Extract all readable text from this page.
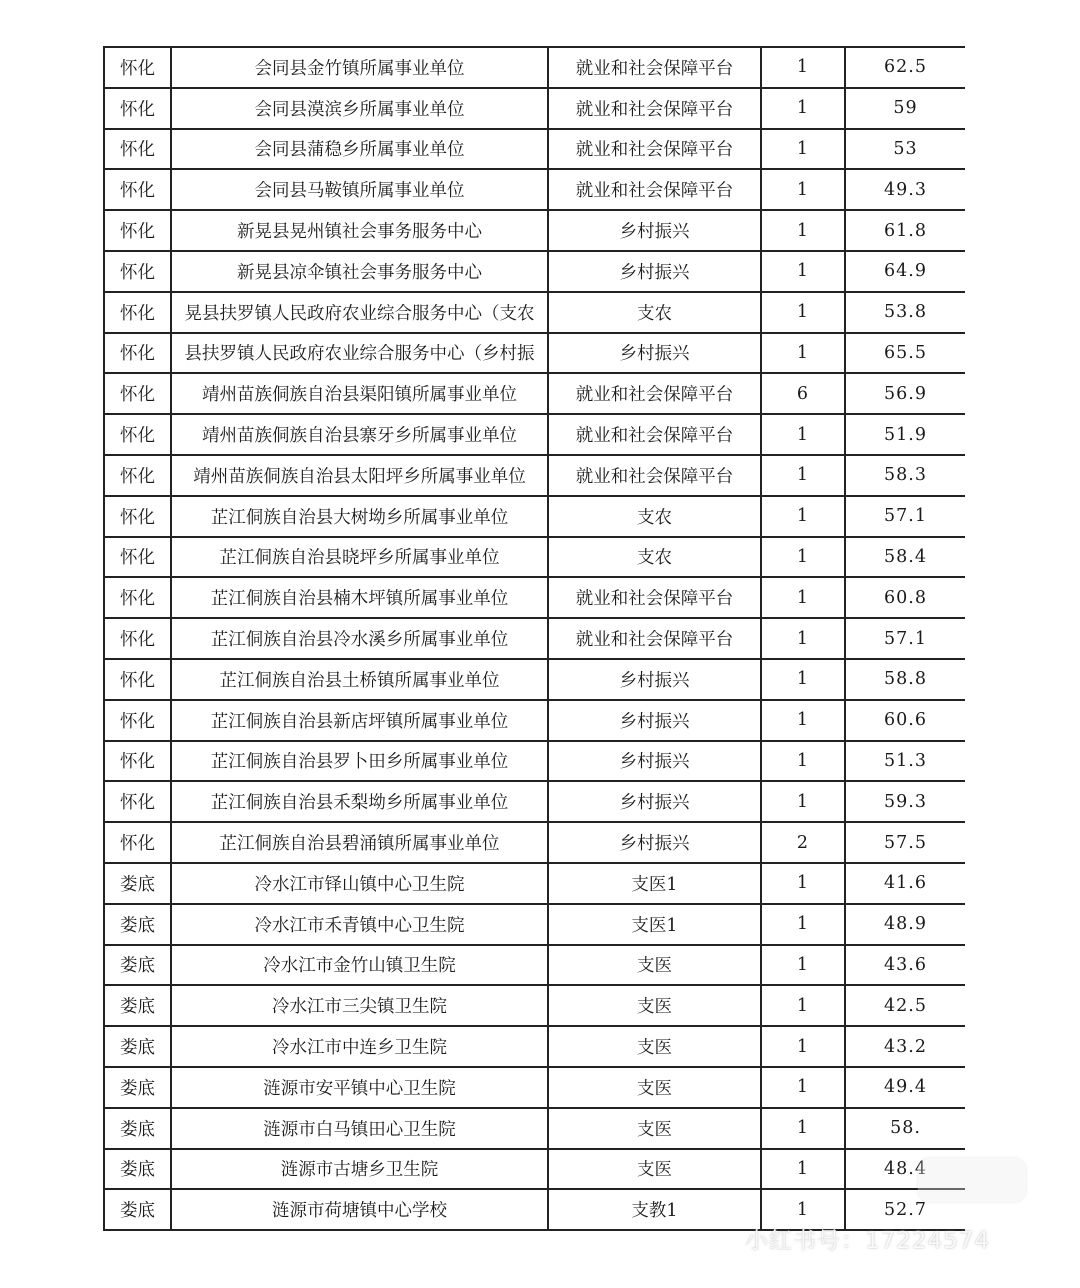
怀化	会同县金竹镇所属事业单位	就业和社会保障平台	1	62.5
怀化	会同县漠滨乡所属事业单位	就业和社会保障平台	1	59
怀化	会同县蒲稳乡所属事业单位	就业和社会保障平台	1	53
怀化	会同县马鞍镇所属事业单位	就业和社会保障平台	1	49.3
怀化	新晃县晃州镇社会事务服务中心	乡村振兴	1	61.8
怀化	新晃县凉伞镇社会事务服务中心	乡村振兴	1	64.9
怀化	晃县扶罗镇人民政府农业综合服务中心（支农	支农	1	53.8
怀化	县扶罗镇人民政府农业综合服务中心（乡村振	乡村振兴	1	65.5
怀化	靖州苗族侗族自治县渠阳镇所属事业单位	就业和社会保障平台	6	56.9
怀化	靖州苗族侗族自治县寨牙乡所属事业单位	就业和社会保障平台	1	51.9
怀化	靖州苗族侗族自治县太阳坪乡所属事业单位	就业和社会保障平台	1	58.3
怀化	芷江侗族自治县大树坳乡所属事业单位	支农	1	57.1
怀化	芷江侗族自治县晓坪乡所属事业单位	支农	1	58.4
怀化	芷江侗族自治县楠木坪镇所属事业单位	就业和社会保障平台	1	60.8
怀化	芷江侗族自治县冷水溪乡所属事业单位	就业和社会保障平台	1	57.1
怀化	芷江侗族自治县土桥镇所属事业单位	乡村振兴	1	58.8
怀化	芷江侗族自治县新店坪镇所属事业单位	乡村振兴	1	60.6
怀化	芷江侗族自治县罗卜田乡所属事业单位	乡村振兴	1	51.3
怀化	芷江侗族自治县禾梨坳乡所属事业单位	乡村振兴	1	59.3
怀化	芷江侗族自治县碧涌镇所属事业单位	乡村振兴	2	57.5
娄底	冷水江市铎山镇中心卫生院	支医1	1	41.6
娄底	冷水江市禾青镇中心卫生院	支医1	1	48.9
娄底	冷水江市金竹山镇卫生院	支医	1	43.6
娄底	冷水江市三尖镇卫生院	支医	1	42.5
娄底	冷水江市中连乡卫生院	支医	1	43.2
娄底	涟源市安平镇中心卫生院	支医	1	49.4
娄底	涟源市白马镇田心卫生院	支医	1	58.
娄底	涟源市古塘乡卫生院	支医	1	48.4
娄底	涟源市荷塘镇中心学校	支教1	1	52.7
小红书号：17224574
